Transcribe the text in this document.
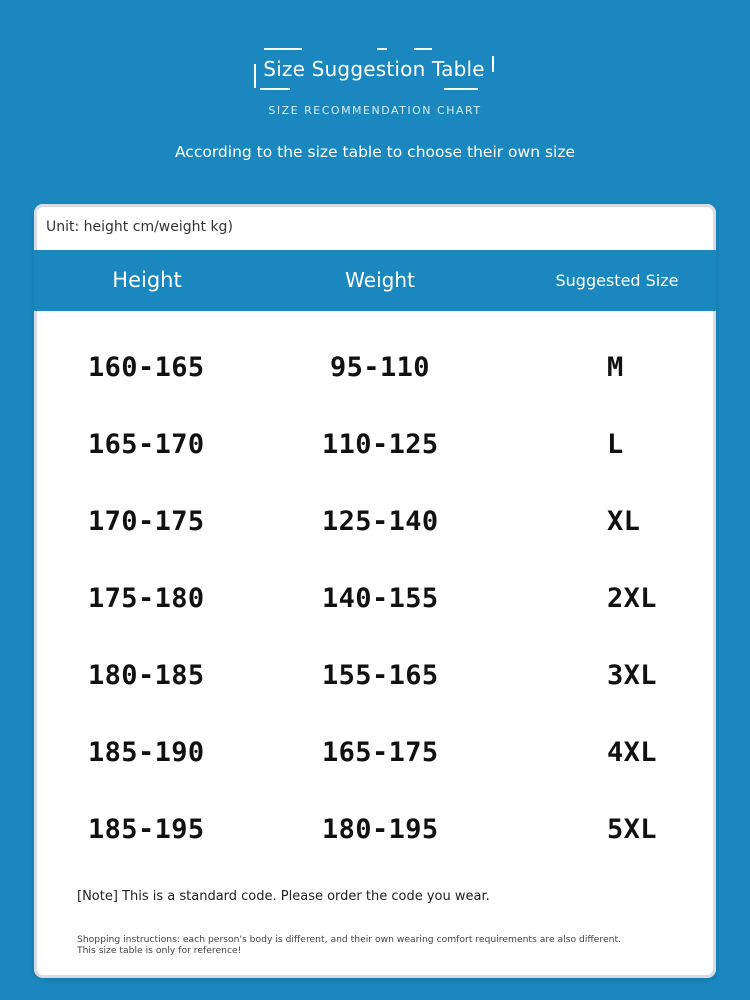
Size Suggestion Table
SIZE RECOMMENDATION CHART
According to the size table to choose their own size
Unit: height cm/weight kg)
Height	Weight	Suggested Size
160-165	95-110	M
165-170	110-125	L
170-175	125-140	XL
175-180	140-155	2XL
180-185	155-165	3XL
185-190	165-175	4XL
185-195	180-195	5XL
[Note] This is a standard code. Please order the code you wear.
Shopping instructions: each person's body is different, and their own wearing comfort requirements are also different. This size table is only for reference!
